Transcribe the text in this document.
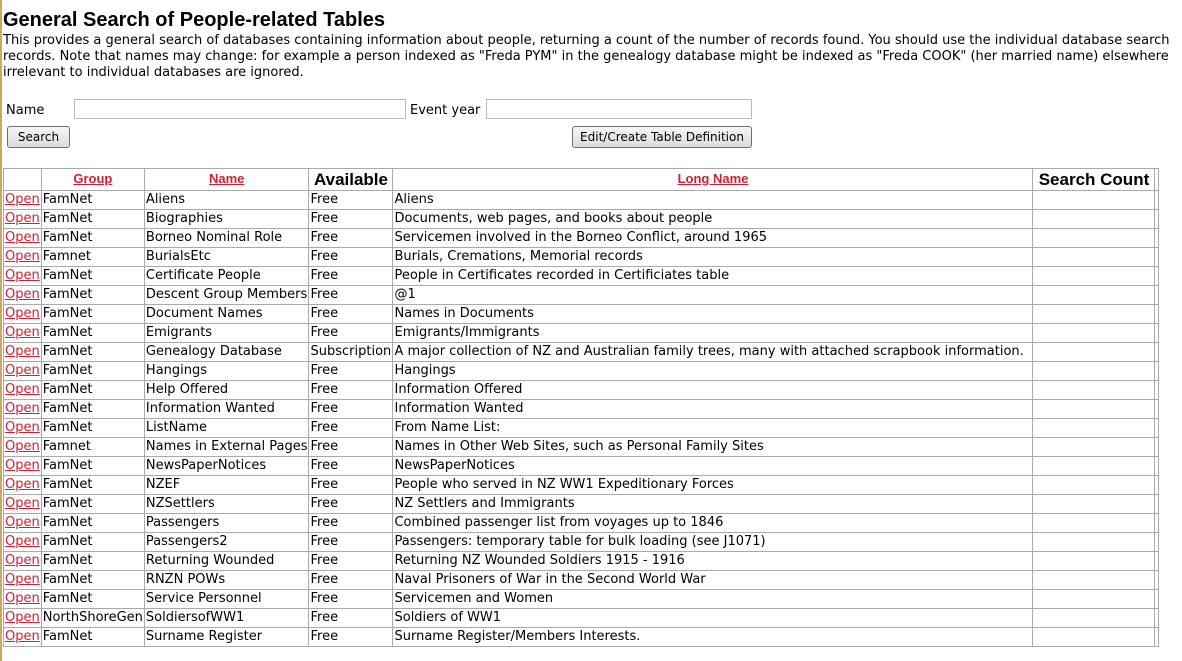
General Search of People-related Tables
This provides a general search of databases containing information about people, returning a count of the number of records found. You should use the individual database search
records. Note that names may change: for example a person indexed as "Freda PYM" in the genealogy database might be indexed as "Freda COOK" (her married name) elsewhere
irrelevant to individual databases are ignored.
Name	Event year
Search	Edit/Create Table Definition
	Group	Name	Available	Long Name	Search Count	
Open	FamNet	Aliens	Free	Aliens		
Open	FamNet	Biographies	Free	Documents, web pages, and books about people		
Open	FamNet	Borneo Nominal Role	Free	Servicemen involved in the Borneo Conflict, around 1965		
Open	Famnet	BurialsEtc	Free	Burials, Cremations, Memorial records		
Open	FamNet	Certificate People	Free	People in Certificates recorded in Certificiates table		
Open	FamNet	Descent Group Members	Free	@1		
Open	FamNet	Document Names	Free	Names in Documents		
Open	FamNet	Emigrants	Free	Emigrants/Immigrants		
Open	FamNet	Genealogy Database	Subscription	A major collection of NZ and Australian family trees, many with attached scrapbook information.		
Open	FamNet	Hangings	Free	Hangings		
Open	FamNet	Help Offered	Free	Information Offered		
Open	FamNet	Information Wanted	Free	Information Wanted		
Open	FamNet	ListName	Free	From Name List:		
Open	Famnet	Names in External Pages	Free	Names in Other Web Sites, such as Personal Family Sites		
Open	FamNet	NewsPaperNotices	Free	NewsPaperNotices		
Open	FamNet	NZEF	Free	People who served in NZ WW1 Expeditionary Forces		
Open	FamNet	NZSettlers	Free	NZ Settlers and Immigrants		
Open	FamNet	Passengers	Free	Combined passenger list from voyages up to 1846		
Open	FamNet	Passengers2	Free	Passengers: temporary table for bulk loading (see J1071)		
Open	FamNet	Returning Wounded	Free	Returning NZ Wounded Soldiers 1915 - 1916		
Open	FamNet	RNZN POWs	Free	Naval Prisoners of War in the Second World War		
Open	FamNet	Service Personnel	Free	Servicemen and Women		
Open	NorthShoreGen	SoldiersofWW1	Free	Soldiers of WW1		
Open	FamNet	Surname Register	Free	Surname Register/Members Interests.		
